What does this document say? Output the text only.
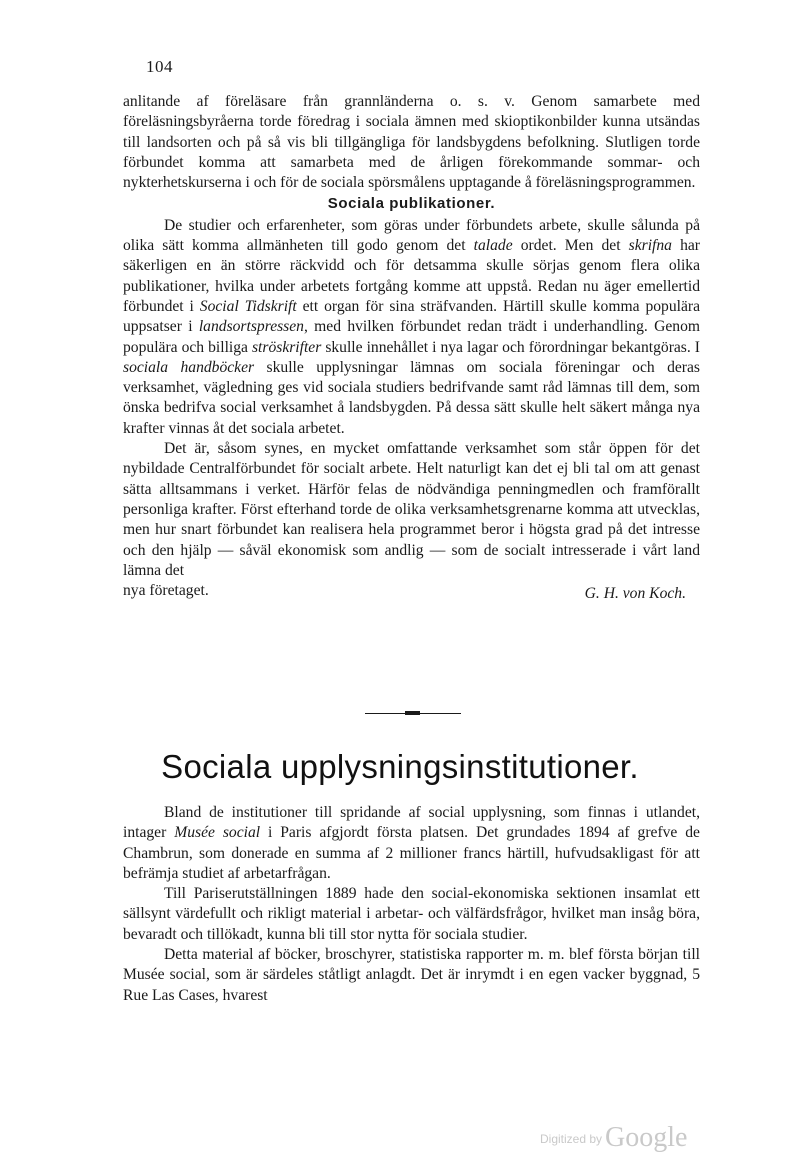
104

anlitande af föreläsare från grannländerna o. s. v. Genom samarbete med föreläsningsbyråerna torde föredrag i sociala ämnen med skioptikonbilder kunna utsändas till landsorten och på så vis bli tillgängliga för landsbygdens befolkning. Slutligen torde förbundet komma att samarbeta med de årligen förekommande sommar- och nykterhetskurserna i och för de sociala spörsmålens upptagande å föreläsningsprogrammen.

Sociala publikationer.

De studier och erfarenheter, som göras under förbundets arbete, skulle sålunda på olika sätt komma allmänheten till godo genom det talade ordet. Men det skrifna har säkerligen en än större räckvidd och för detsamma skulle sörjas genom flera olika publikationer, hvilka under arbetets fortgång komme att uppstå. Redan nu äger emellertid förbundet i Social Tidskrift ett organ för sina sträfvanden. Härtill skulle komma populära uppsatser i landsortspressen, med hvilken förbundet redan trädt i underhandling. Genom populära och billiga ströskrifter skulle innehållet i nya lagar och förordningar bekantgöras. I sociala handböcker skulle upplysningar lämnas om sociala föreningar och deras verksamhet, vägledning ges vid sociala studiers bedrifvande samt råd lämnas till dem, som önska bedrifva social verksamhet å landsbygden. På dessa sätt skulle helt säkert många nya krafter vinnas åt det sociala arbetet.

Det är, såsom synes, en mycket omfattande verksamhet som står öppen för det nybildade Centralförbundet för socialt arbete. Helt naturligt kan det ej bli tal om att genast sätta alltsammans i verket. Härför felas de nödvändiga penningmedlen och framförallt personliga krafter. Först efterhand torde de olika verksamhetsgrenarne komma att utvecklas, men hur snart förbundet kan realisera hela programmet beror i högsta grad på det intresse och den hjälp — såväl ekonomisk som andlig — som de socialt intresserade i vårt land lämna det

nya företaget.	G. H. von Koch.

Sociala upplysningsinstitutioner.

Bland de institutioner till spridande af social upplysning, som finnas i utlandet, intager Musée social i Paris afgjordt första platsen. Det grundades 1894 af grefve de Chambrun, som donerade en summa af 2 millioner francs härtill, hufvudsakligast för att befrämja studiet af arbetarfrågan.

Till Pariserutställningen 1889 hade den social-ekonomiska sektionen insamlat ett sällsynt värdefullt och rikligt material i arbetar- och välfärdsfrågor, hvilket man insåg böra, bevaradt och tillökadt, kunna bli till stor nytta för sociala studier.

Detta material af böcker, broschyrer, statistiska rapporter m. m. blef första början till Musée social, som är särdeles ståtligt anlagdt. Det är inrymdt i en egen vacker byggnad, 5 Rue Las Cases, hvarest

Digitized by Google
